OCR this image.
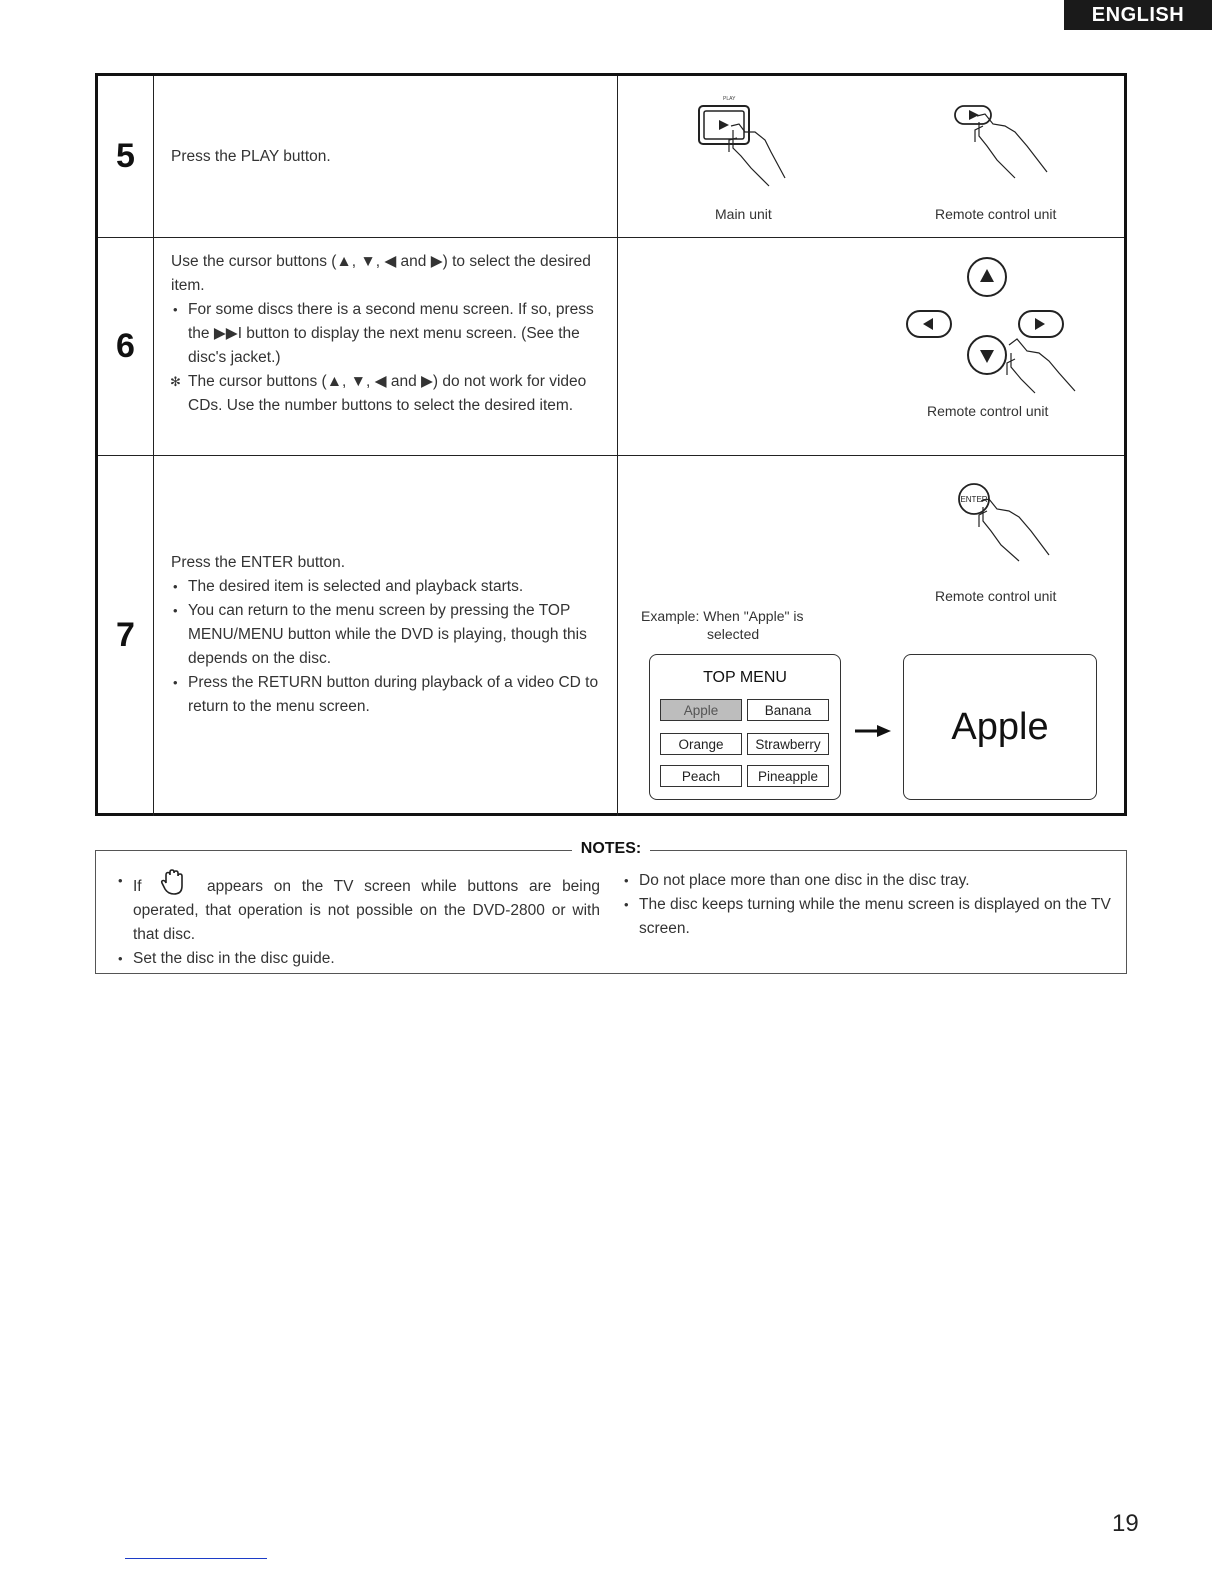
ENGLISH
5	Press the PLAY button.
PLAY
Main unit	Remote control unit
6
Use the cursor buttons (▲, ▼, ◀ and ▶) to select the desired item.
• For some discs there is a second menu screen. If so, press the ▶▶I button to display the next menu screen. (See the disc's jacket.)
✻ The cursor buttons (▲, ▼, ◀ and ▶) do not work for video CDs. Use the number buttons to select the desired item.	Remote control unit
7
Press the ENTER button.
• The desired item is selected and playback starts.
• You can return to the menu screen by pressing the TOP MENU/MENU button while the DVD is playing, though this depends on the disc.
• Press the RETURN button during playback of a video CD to return to the menu screen.
ENTER
Remote control unit
Example: When "Apple" is
selected
TOP MENU
Apple	Banana
Orange	Strawberry
Peach	Pineapple
Apple
NOTES:
• If	appears on the TV screen while buttons are being operated, that operation is not possible on the DVD-2800 or with that disc.
• Set the disc in the disc guide.
• Do not place more than one disc in the disc tray.
• The disc keeps turning while the menu screen is displayed on the TV screen.
19
